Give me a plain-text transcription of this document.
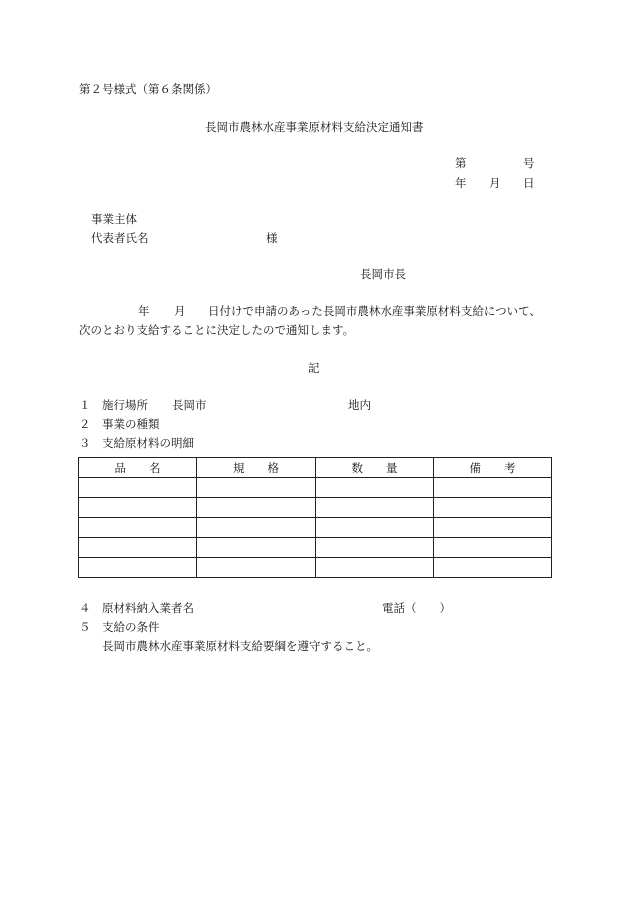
第２号様式（第６条関係）
長岡市農林水産事業原材料支給決定通知書
第	号
年 月 日
事業主体
代表者氏名	様
長岡市長
年 月 日付けで申請のあった長岡市農林水産事業原材料支給について、
次のとおり支給することに決定したので通知します。
記
１ 施行場所 長岡市	地内
２ 事業の種類
３ 支給原材料の明細
品　　名	規　　格	数　　量	備　　考

４ 原材料納入業者名	電話（　　）
５ 支給の条件
長岡市農林水産事業原材料支給要綱を遵守すること。
